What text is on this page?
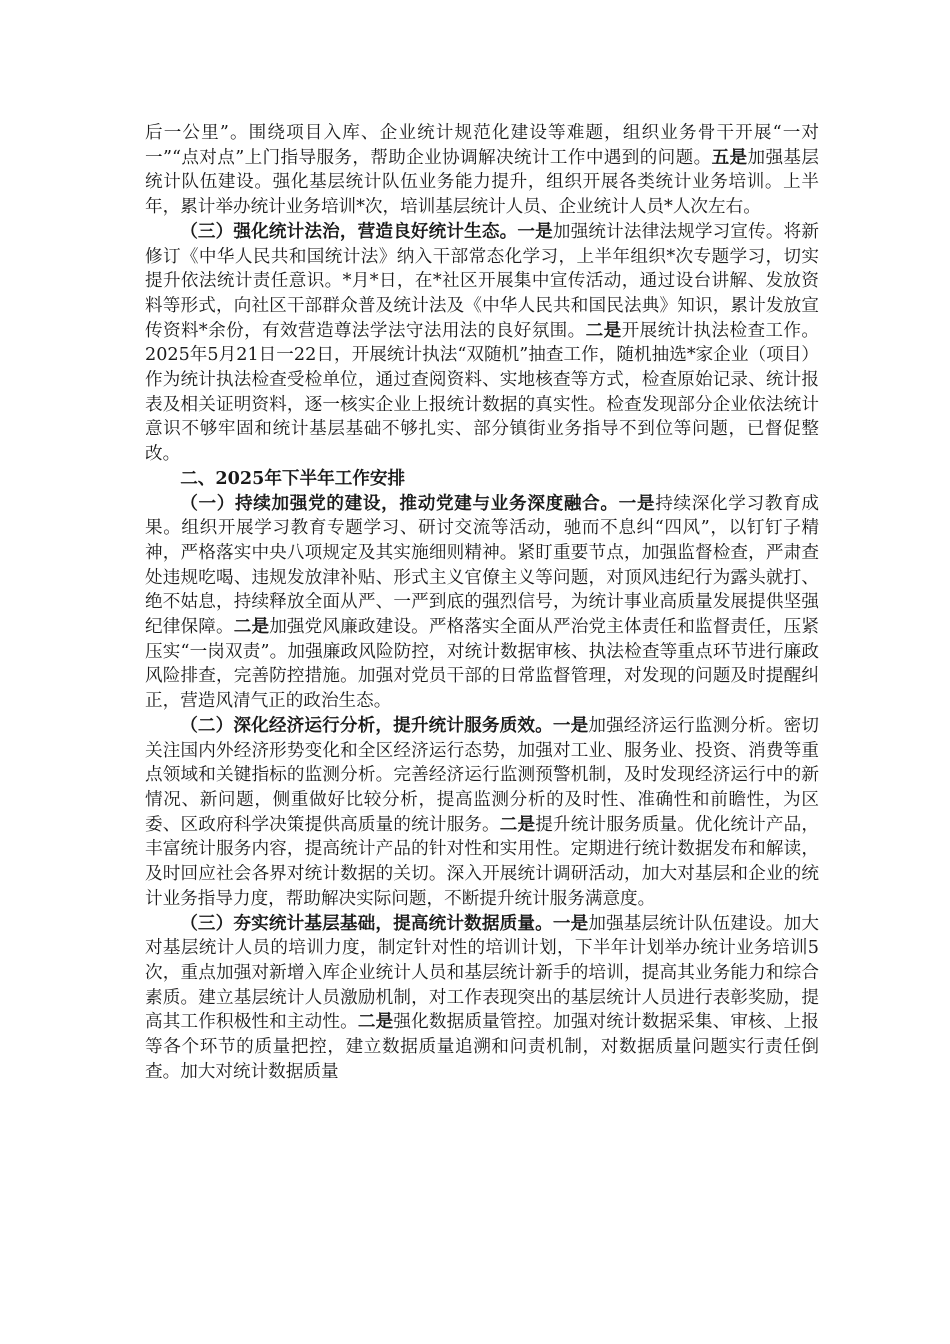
后一公里”。围绕项目入库、企业统计规范化建设等难题，组织业务骨干开展“一对一”“点对点”上门指导服务，帮助企业协调解决统计工作中遇到的问题。五是加强基层统计队伍建设。强化基层统计队伍业务能力提升，组织开展各类统计业务培训。上半年，累计举办统计业务培训*次，培训基层统计人员、企业统计人员*人次左右。

（三）强化统计法治，营造良好统计生态。一是加强统计法律法规学习宣传。将新修订《中华人民共和国统计法》纳入干部常态化学习，上半年组织*次专题学习，切实提升依法统计责任意识。*月*日，在*社区开展集中宣传活动，通过设台讲解、发放资料等形式，向社区干部群众普及统计法及《中华人民共和国民法典》知识，累计发放宣传资料*余份，有效营造尊法学法守法用法的良好氛围。二是开展统计执法检查工作。2025年5月21日一22日，开展统计执法“双随机”抽查工作，随机抽选*家企业（项目）作为统计执法检查受检单位，通过查阅资料、实地核查等方式，检查原始记录、统计报表及相关证明资料，逐一核实企业上报统计数据的真实性。检查发现部分企业依法统计意识不够牢固和统计基层基础不够扎实、部分镇街业务指导不到位等问题，已督促整改。

二、2025年下半年工作安排

（一）持续加强党的建设，推动党建与业务深度融合。一是持续深化学习教育成果。组织开展学习教育专题学习、研讨交流等活动，驰而不息纠“四风”，以钉钉子精神，严格落实中央八项规定及其实施细则精神。紧盯重要节点，加强监督检查，严肃查处违规吃喝、违规发放津补贴、形式主义官僚主义等问题，对顶风违纪行为露头就打、绝不姑息，持续释放全面从严、一严到底的强烈信号，为统计事业高质量发展提供坚强纪律保障。二是加强党风廉政建设。严格落实全面从严治党主体责任和监督责任，压紧压实“一岗双责”。加强廉政风险防控，对统计数据审核、执法检查等重点环节进行廉政风险排查，完善防控措施。加强对党员干部的日常监督管理，对发现的问题及时提醒纠正，营造风清气正的政治生态。

（二）深化经济运行分析，提升统计服务质效。一是加强经济运行监测分析。密切关注国内外经济形势变化和全区经济运行态势，加强对工业、服务业、投资、消费等重点领域和关键指标的监测分析。完善经济运行监测预警机制，及时发现经济运行中的新情况、新问题，侧重做好比较分析，提高监测分析的及时性、准确性和前瞻性，为区委、区政府科学决策提供高质量的统计服务。二是提升统计服务质量。优化统计产品，丰富统计服务内容，提高统计产品的针对性和实用性。定期进行统计数据发布和解读，及时回应社会各界对统计数据的关切。深入开展统计调研活动，加大对基层和企业的统计业务指导力度，帮助解决实际问题，不断提升统计服务满意度。

（三）夯实统计基层基础，提高统计数据质量。一是加强基层统计队伍建设。加大对基层统计人员的培训力度，制定针对性的培训计划，下半年计划举办统计业务培训5次，重点加强对新增入库企业统计人员和基层统计新手的培训，提高其业务能力和综合素质。建立基层统计人员激励机制，对工作表现突出的基层统计人员进行表彰奖励，提高其工作积极性和主动性。二是强化数据质量管控。加强对统计数据采集、审核、上报等各个环节的质量把控，建立数据质量追溯和问责机制，对数据质量问题实行责任倒查。加大对统计数据质量
